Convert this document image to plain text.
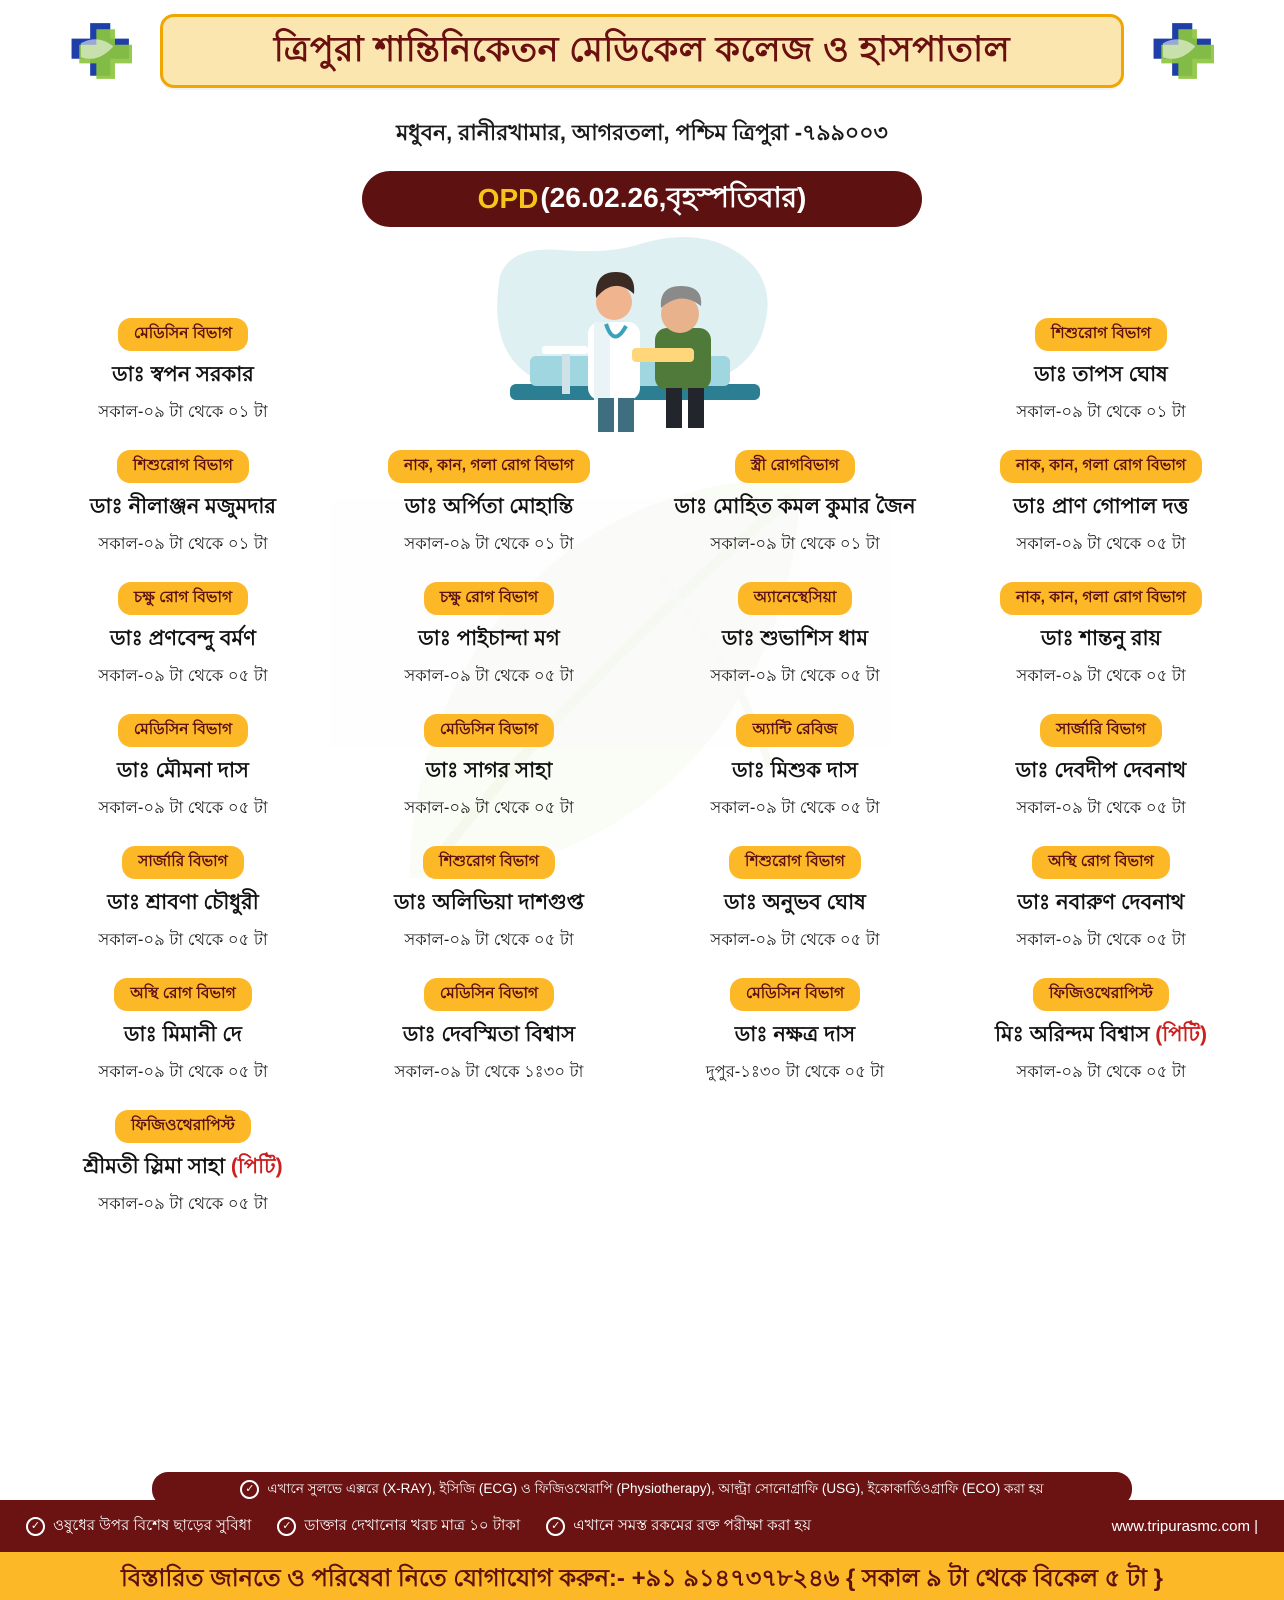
ত্রিপুরা শান্তিনিকেতন মেডিকেল কলেজ ও হাসপাতাল
মধুবন, রানীরখামার, আগরতলা, পশ্চিম ত্রিপুরা -৭৯৯০০৩
OPD (26.02.26,বৃহস্পতিবার)
মেডিসিন বিভাগ
ডাঃ স্বপন সরকার
সকাল-০৯ টা থেকে ০১ টা
শিশুরোগ বিভাগ
ডাঃ তাপস ঘোষ
সকাল-০৯ টা থেকে ০১ টা
শিশুরোগ বিভাগ
ডাঃ নীলাঞ্জন মজুমদার
সকাল-০৯ টা থেকে ০১ টা
নাক, কান, গলা রোগ বিভাগ
ডাঃ অর্পিতা মোহান্তি
সকাল-০৯ টা থেকে ০১ টা
স্ত্রী রোগবিভাগ
ডাঃ মোহিত কমল কুমার জৈন
সকাল-০৯ টা থেকে ০১ টা
নাক, কান, গলা রোগ বিভাগ
ডাঃ প্রাণ গোপাল দত্ত
সকাল-০৯ টা থেকে ০৫ টা
চক্ষু রোগ বিভাগ
ডাঃ প্রণবেন্দু বর্মণ
সকাল-০৯ টা থেকে ০৫ টা
চক্ষু রোগ বিভাগ
ডাঃ পাইচান্দা মগ
সকাল-০৯ টা থেকে ০৫ টা
অ্যানেস্থেসিয়া
ডাঃ শুভাশিস ধাম
সকাল-০৯ টা থেকে ০৫ টা
নাক, কান, গলা রোগ বিভাগ
ডাঃ শান্তনু রায়
সকাল-০৯ টা থেকে ০৫ টা
মেডিসিন বিভাগ
ডাঃ মৌমনা দাস
সকাল-০৯ টা থেকে ০৫ টা
মেডিসিন বিভাগ
ডাঃ সাগর সাহা
সকাল-০৯ টা থেকে ০৫ টা
অ্যান্টি রেবিজ
ডাঃ মিশুক দাস
সকাল-০৯ টা থেকে ০৫ টা
সার্জারি বিভাগ
ডাঃ দেবদীপ দেবনাথ
সকাল-০৯ টা থেকে ০৫ টা
সার্জারি বিভাগ
ডাঃ শ্রাবণা চৌধুরী
সকাল-০৯ টা থেকে ০৫ টা
শিশুরোগ বিভাগ
ডাঃ অলিভিয়া দাশগুপ্ত
সকাল-০৯ টা থেকে ০৫ টা
শিশুরোগ বিভাগ
ডাঃ অনুভব ঘোষ
সকাল-০৯ টা থেকে ০৫ টা
অস্থি রোগ বিভাগ
ডাঃ নবারুণ দেবনাথ
সকাল-০৯ টা থেকে ০৫ টা
অস্থি রোগ বিভাগ
ডাঃ মিমানী দে
সকাল-০৯ টা থেকে ০৫ টা
মেডিসিন বিভাগ
ডাঃ দেবস্মিতা বিশ্বাস
সকাল-০৯ টা থেকে ১ঃ৩০ টা
মেডিসিন বিভাগ
ডাঃ নক্ষত্র দাস
দুপুর-১ঃ৩০ টা থেকে ০৫ টা
ফিজিওথেরাপিস্ট
মিঃ অরিন্দম বিশ্বাস (পিটি)
সকাল-০৯ টা থেকে ০৫ টা
ফিজিওথেরাপিস্ট
শ্রীমতী স্লিমা সাহা (পিটি)
সকাল-০৯ টা থেকে ০৫ টা
✓ এখানে সুলভে এক্সরে (X-RAY), ইসিজি (ECG) ও ফিজিওথেরাপি (Physiotherapy), আল্ট্রা সোনোগ্রাফি (USG), ইকোকার্ডিওগ্রাফি (ECO) করা হয়
✓ ওষুধের উপর বিশেষ ছাড়ের সুবিধা	✓ ডাক্তার দেখানোর খরচ মাত্র ১০ টাকা	✓ এখানে সমস্ত রকমের রক্ত পরীক্ষা করা হয়	www.tripurasmc.com |
বিস্তারিত জানতে ও পরিষেবা নিতে যোগাযোগ করুন:- +৯১ ৯১৪৭৩৭৮২৪৬ { সকাল ৯ টা থেকে বিকেল ৫ টা }
